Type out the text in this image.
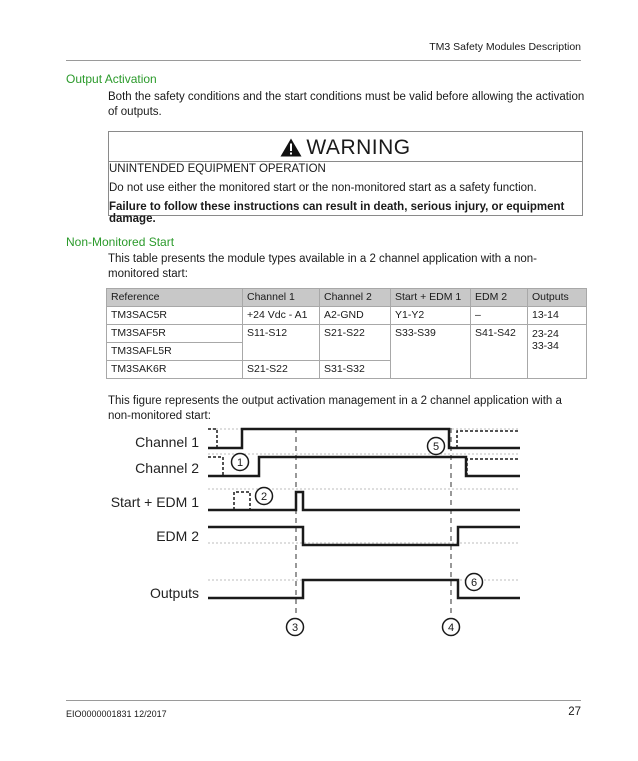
TM3 Safety Modules Description
Output Activation
Both the safety conditions and the start conditions must be valid before allowing the activation of outputs.
WARNING
UNINTENDED EQUIPMENT OPERATION
Do not use either the monitored start or the non-monitored start as a safety function.
Failure to follow these instructions can result in death, serious injury, or equipment damage.
Non-Monitored Start
This table presents the module types available in a 2 channel application with a non-monitored start:
Reference	Channel 1	Channel 2	Start + EDM 1	EDM 2	Outputs
TM3SAC5R	+24 Vdc - A1	A2-GND	Y1-Y2	–	13-14
TM3SAF5R	S11-S12	S21-S22	S33-S39	S41-S42	23-24
33-34

TM3SAFL5R					
TM3SAK6R	S21-S22	S31-S32			
This figure represents the output activation management in a 2 channel application with a non-monitored start:
Channel 1
Channel 2
Start + EDM 1
EDM 2
Outputs
1
2
3	4
5
6
EIO0000001831 12/2017	27
